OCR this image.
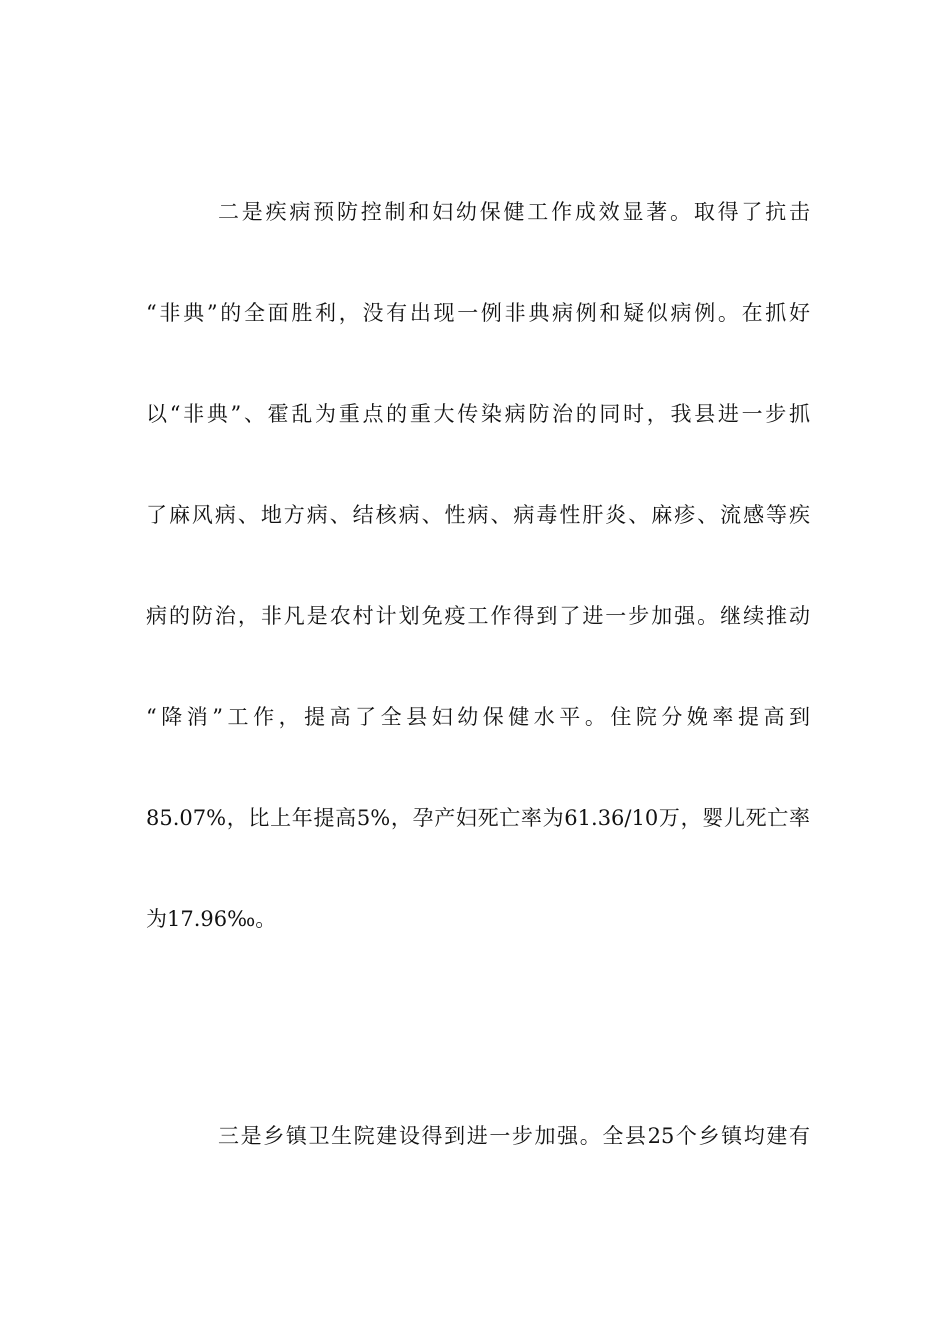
二是疾病预防控制和妇幼保健工作成效显著。取得了抗击
“非典”的全面胜利，没有出现一例非典病例和疑似病例。在抓好
以“非典”、霍乱为重点的重大传染病防治的同时，我县进一步抓
了麻风病、地方病、结核病、性病、病毒性肝炎、麻疹、流感等疾
病的防治，非凡是农村计划免疫工作得到了进一步加强。继续推动
“降消”工作，提高了全县妇幼保健水平。住院分娩率提高到
85.07%，比上年提高5%，孕产妇死亡率为61.36/10万，婴儿死亡率
为17.96‰。
三是乡镇卫生院建设得到进一步加强。全县25个乡镇均建有
